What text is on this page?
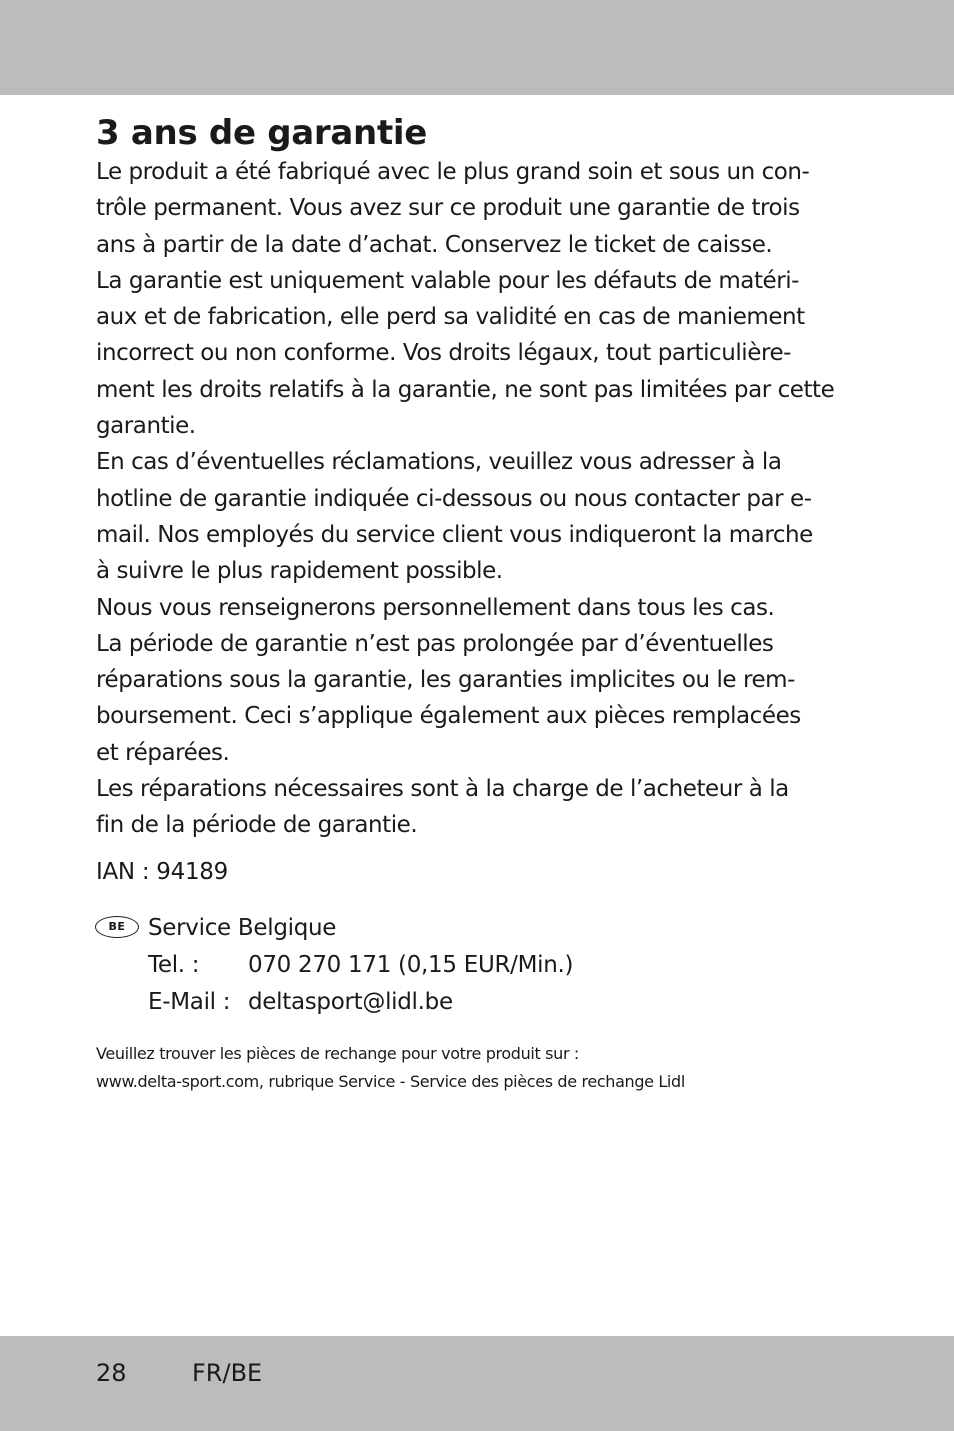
3 ans de garantie
Le produit a été fabriqué avec le plus grand soin et sous un con-
trôle permanent. Vous avez sur ce produit une garantie de trois
ans à partir de la date d’achat. Conservez le ticket de caisse.
La garantie est uniquement valable pour les défauts de matéri-
aux et de fabrication, elle perd sa validité en cas de maniement
incorrect ou non conforme. Vos droits légaux, tout particulière-
ment les droits relatifs à la garantie, ne sont pas limitées par cette
garantie.
En cas d’éventuelles réclamations, veuillez vous adresser à la
hotline de garantie indiquée ci-dessous ou nous contacter par e-
mail. Nos employés du service client vous indiqueront la marche
à suivre le plus rapidement possible.
Nous vous renseignerons personnellement dans tous les cas.
La période de garantie n’est pas prolongée par d’éventuelles
réparations sous la garantie, les garanties implicites ou le rem-
boursement. Ceci s’applique également aux pièces remplacées
et réparées.
Les réparations nécessaires sont à la charge de l’acheteur à la
fin de la période de garantie.
IAN : 94189
BE Service Belgique
Tel. : 070 270 171 (0,15 EUR/Min.)
E-Mail : deltasport@lidl.be
Veuillez trouver les pièces de rechange pour votre produit sur :
www.delta-sport.com, rubrique Service - Service des pièces de rechange Lidl
28	FR/BE
